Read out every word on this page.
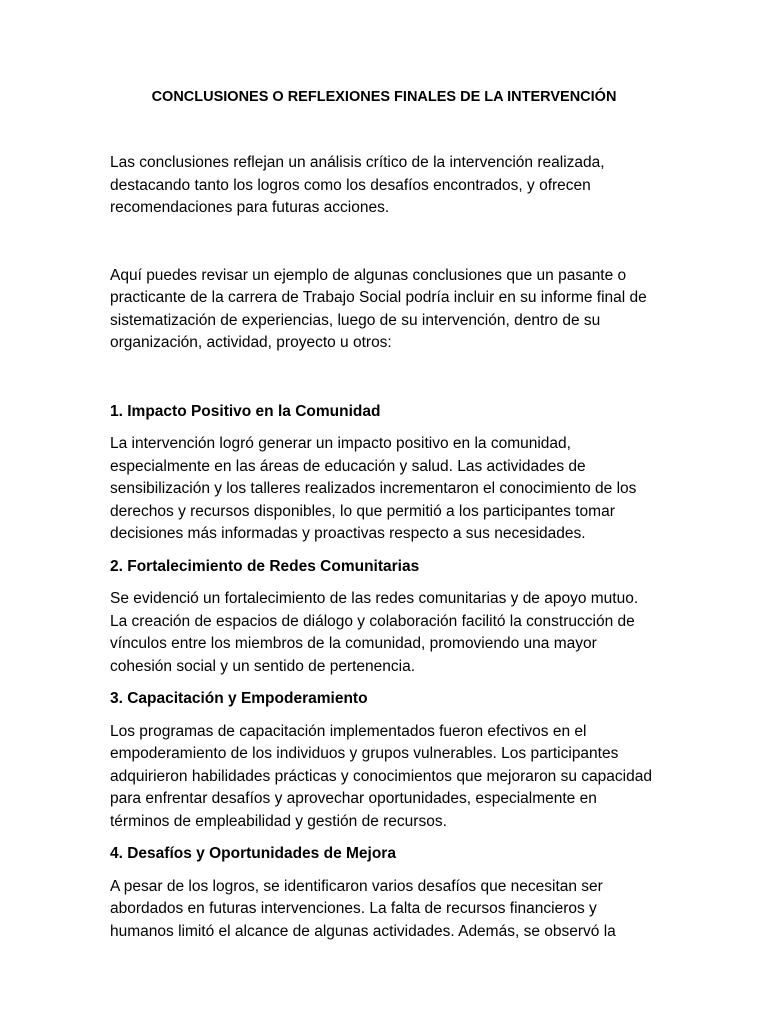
CONCLUSIONES O REFLEXIONES FINALES DE LA INTERVENCIÓN

Las conclusiones reflejan un análisis crítico de la intervención realizada, destacando tanto los logros como los desafíos encontrados, y ofrecen recomendaciones para futuras acciones.

Aquí puedes revisar un ejemplo de algunas conclusiones que un pasante o practicante de la carrera de Trabajo Social podría incluir en su informe final de sistematización de experiencias, luego de su intervención, dentro de su organización, actividad, proyecto u otros:

1. Impacto Positivo en la Comunidad

La intervención logró generar un impacto positivo en la comunidad, especialmente en las áreas de educación y salud. Las actividades de sensibilización y los talleres realizados incrementaron el conocimiento de los derechos y recursos disponibles, lo que permitió a los participantes tomar decisiones más informadas y proactivas respecto a sus necesidades.

2. Fortalecimiento de Redes Comunitarias

Se evidenció un fortalecimiento de las redes comunitarias y de apoyo mutuo. La creación de espacios de diálogo y colaboración facilitó la construcción de vínculos entre los miembros de la comunidad, promoviendo una mayor cohesión social y un sentido de pertenencia.

3. Capacitación y Empoderamiento

Los programas de capacitación implementados fueron efectivos en el empoderamiento de los individuos y grupos vulnerables. Los participantes adquirieron habilidades prácticas y conocimientos que mejoraron su capacidad para enfrentar desafíos y aprovechar oportunidades, especialmente en términos de empleabilidad y gestión de recursos.

4. Desafíos y Oportunidades de Mejora

A pesar de los logros, se identificaron varios desafíos que necesitan ser abordados en futuras intervenciones. La falta de recursos financieros y humanos limitó el alcance de algunas actividades. Además, se observó la
